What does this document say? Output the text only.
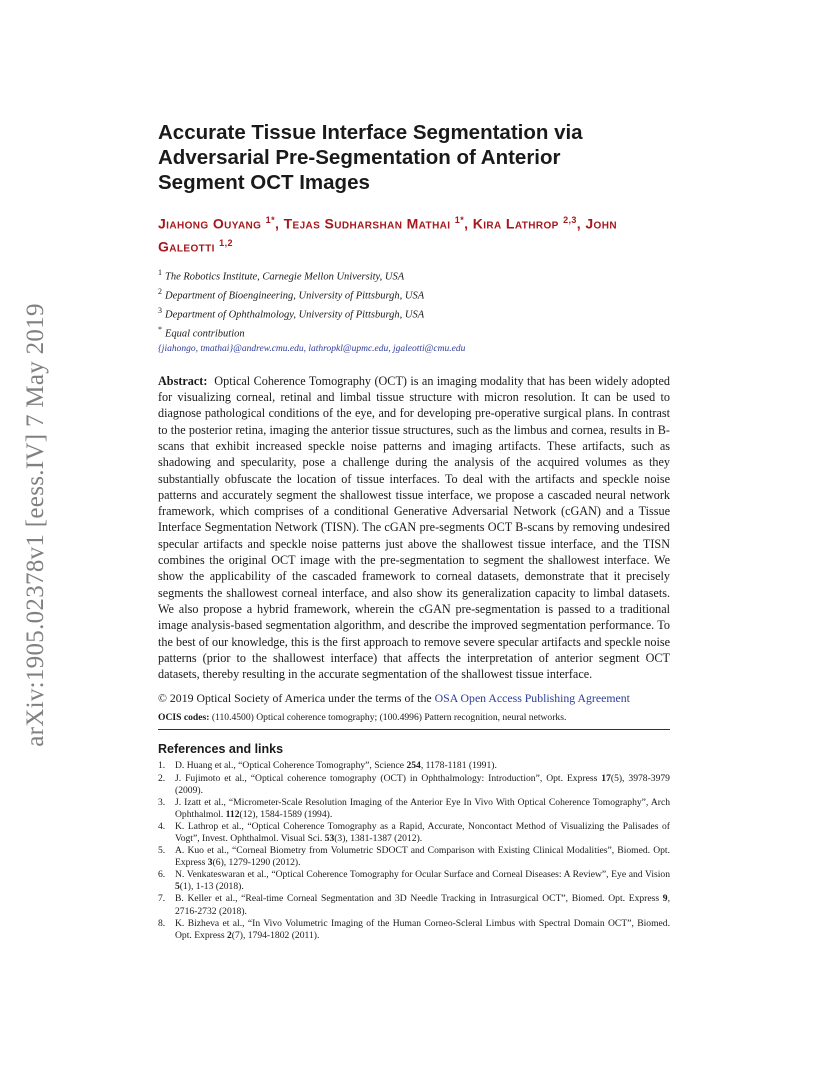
arXiv:1905.02378v1 [eess.IV] 7 May 2019
Accurate Tissue Interface Segmentation via
Adversarial Pre-Segmentation of Anterior
Segment OCT Images
Jiahong Ouyang $^{1*}$, Tejas Sudharshan Mathai $^{1*}$, Kira Lathrop $^{2,3}$, John Galeotti $^{1,2}$
$^1$ The Robotics Institute, Carnegie Mellon University, USA
$^2$ Department of Bioengineering, University of Pittsburgh, USA
$^3$ Department of Ophthalmology, University of Pittsburgh, USA
* Equal contribution
{jiahongo, tmathai}@andrew.cmu.edu, lathropkl@upmc.edu, jgaleotti@cmu.edu
Abstract: Optical Coherence Tomography (OCT) is an imaging modality that has been widely adopted for visualizing corneal, retinal and limbal tissue structure with micron resolution. It can be used to diagnose pathological conditions of the eye, and for developing pre-operative surgical plans. In contrast to the posterior retina, imaging the anterior tissue structures, such as the limbus and cornea, results in B-scans that exhibit increased speckle noise patterns and imaging artifacts. These artifacts, such as shadowing and specularity, pose a challenge during the analysis of the acquired volumes as they substantially obfuscate the location of tissue interfaces. To deal with the artifacts and speckle noise patterns and accurately segment the shallowest tissue interface, we propose a cascaded neural network framework, which comprises of a conditional Generative Adversarial Network (cGAN) and a Tissue Interface Segmentation Network (TISN). The cGAN pre-segments OCT B-scans by removing undesired specular artifacts and speckle noise patterns just above the shallowest tissue interface, and the TISN combines the original OCT image with the pre-segmentation to segment the shallowest interface. We show the applicability of the cascaded framework to corneal datasets, demonstrate that it precisely segments the shallowest corneal interface, and also show its generalization capacity to limbal datasets. We also propose a hybrid framework, wherein the cGAN pre-segmentation is passed to a traditional image analysis-based segmentation algorithm, and describe the improved segmentation performance. To the best of our knowledge, this is the first approach to remove severe specular artifacts and speckle noise patterns (prior to the shallowest interface) that affects the interpretation of anterior segment OCT datasets, thereby resulting in the accurate segmentation of the shallowest tissue interface.
© 2019 Optical Society of America under the terms of the OSA Open Access Publishing Agreement
OCIS codes: (110.4500) Optical coherence tomography; (100.4996) Pattern recognition, neural networks.
References and links
1. D. Huang et al., “Optical Coherence Tomography”, Science 254, 1178-1181 (1991).
2. J. Fujimoto et al., “Optical coherence tomography (OCT) in Ophthalmology: Introduction”, Opt. Express 17(5), 3978-3979 (2009).
3. J. Izatt et al., “Micrometer-Scale Resolution Imaging of the Anterior Eye In Vivo With Optical Coherence Tomography”, Arch Ophthalmol. 112(12), 1584-1589 (1994).
4. K. Lathrop et al., “Optical Coherence Tomography as a Rapid, Accurate, Noncontact Method of Visualizing the Palisades of Vogt”, Invest. Ophthalmol. Visual Sci. 53(3), 1381-1387 (2012).
5. A. Kuo et al., “Corneal Biometry from Volumetric SDOCT and Comparison with Existing Clinical Modalities”, Biomed. Opt. Express 3(6), 1279-1290 (2012).
6. N. Venkateswaran et al., “Optical Coherence Tomography for Ocular Surface and Corneal Diseases: A Review”, Eye and Vision 5(1), 1-13 (2018).
7. B. Keller et al., “Real-time Corneal Segmentation and 3D Needle Tracking in Intrasurgical OCT”, Biomed. Opt. Express 9, 2716-2732 (2018).
8. K. Bizheva et al., “In Vivo Volumetric Imaging of the Human Corneo-Scleral Limbus with Spectral Domain OCT”, Biomed. Opt. Express 2(7), 1794-1802 (2011).
